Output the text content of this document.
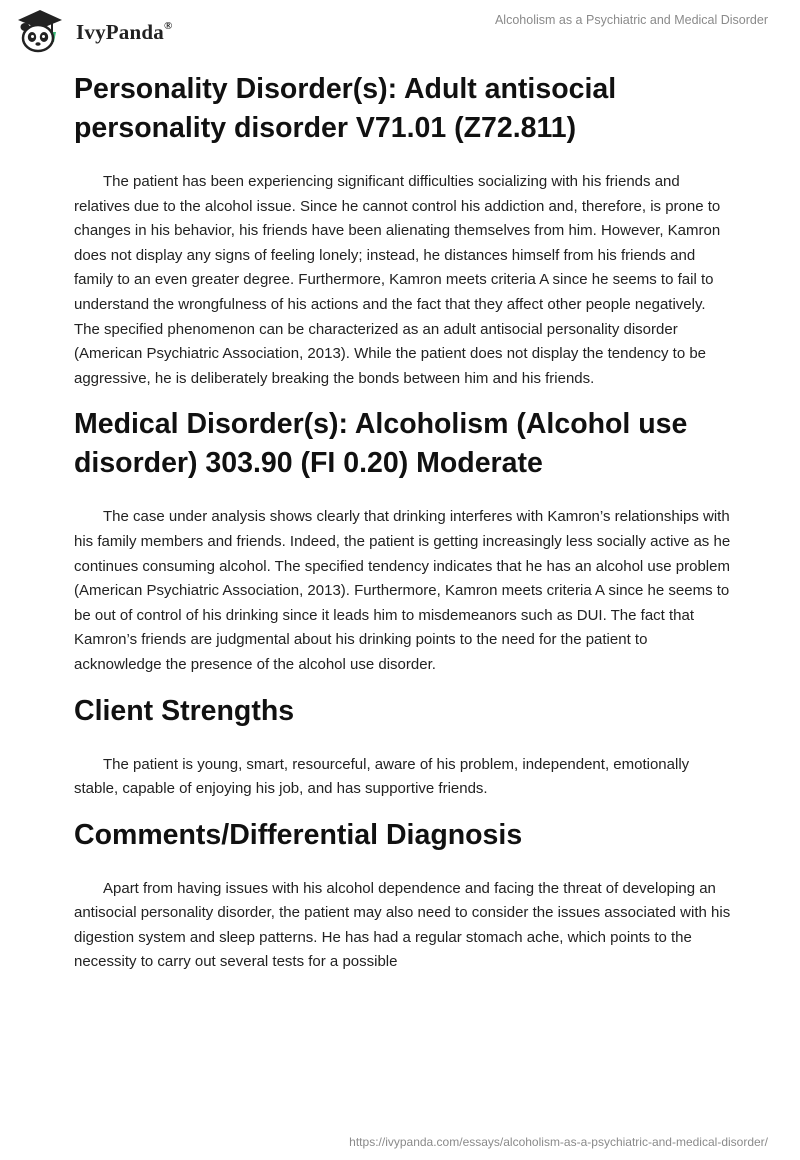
IvyPanda®	Alcoholism as a Psychiatric and Medical Disorder
Personality Disorder(s): Adult antisocial personality disorder V71.01 (Z72.811)

The patient has been experiencing significant difficulties socializing with his friends and relatives due to the alcohol issue. Since he cannot control his addiction and, therefore, is prone to changes in his behavior, his friends have been alienating themselves from him. However, Kamron does not display any signs of feeling lonely; instead, he distances himself from his friends and family to an even greater degree. Furthermore, Kamron meets criteria A since he seems to fail to understand the wrongfulness of his actions and the fact that they affect other people negatively. The specified phenomenon can be characterized as an adult antisocial personality disorder (American Psychiatric Association, 2013). While the patient does not display the tendency to be aggressive, he is deliberately breaking the bonds between him and his friends.

Medical Disorder(s): Alcoholism (Alcohol use disorder) 303.90 (FI 0.20) Moderate

The case under analysis shows clearly that drinking interferes with Kamron’s relationships with his family members and friends. Indeed, the patient is getting increasingly less socially active as he continues consuming alcohol. The specified tendency indicates that he has an alcohol use problem (American Psychiatric Association, 2013). Furthermore, Kamron meets criteria A since he seems to be out of control of his drinking since it leads him to misdemeanors such as DUI. The fact that Kamron’s friends are judgmental about his drinking points to the need for the patient to acknowledge the presence of the alcohol use disorder.

Client Strengths

The patient is young, smart, resourceful, aware of his problem, independent, emotionally stable, capable of enjoying his job, and has supportive friends.

Comments/Differential Diagnosis

Apart from having issues with his alcohol dependence and facing the threat of developing an antisocial personality disorder, the patient may also need to consider the issues associated with his digestion system and sleep patterns. He has had a regular stomach ache, which points to the necessity to carry out several tests for a possible

https://ivypanda.com/essays/alcoholism-as-a-psychiatric-and-medical-disorder/
